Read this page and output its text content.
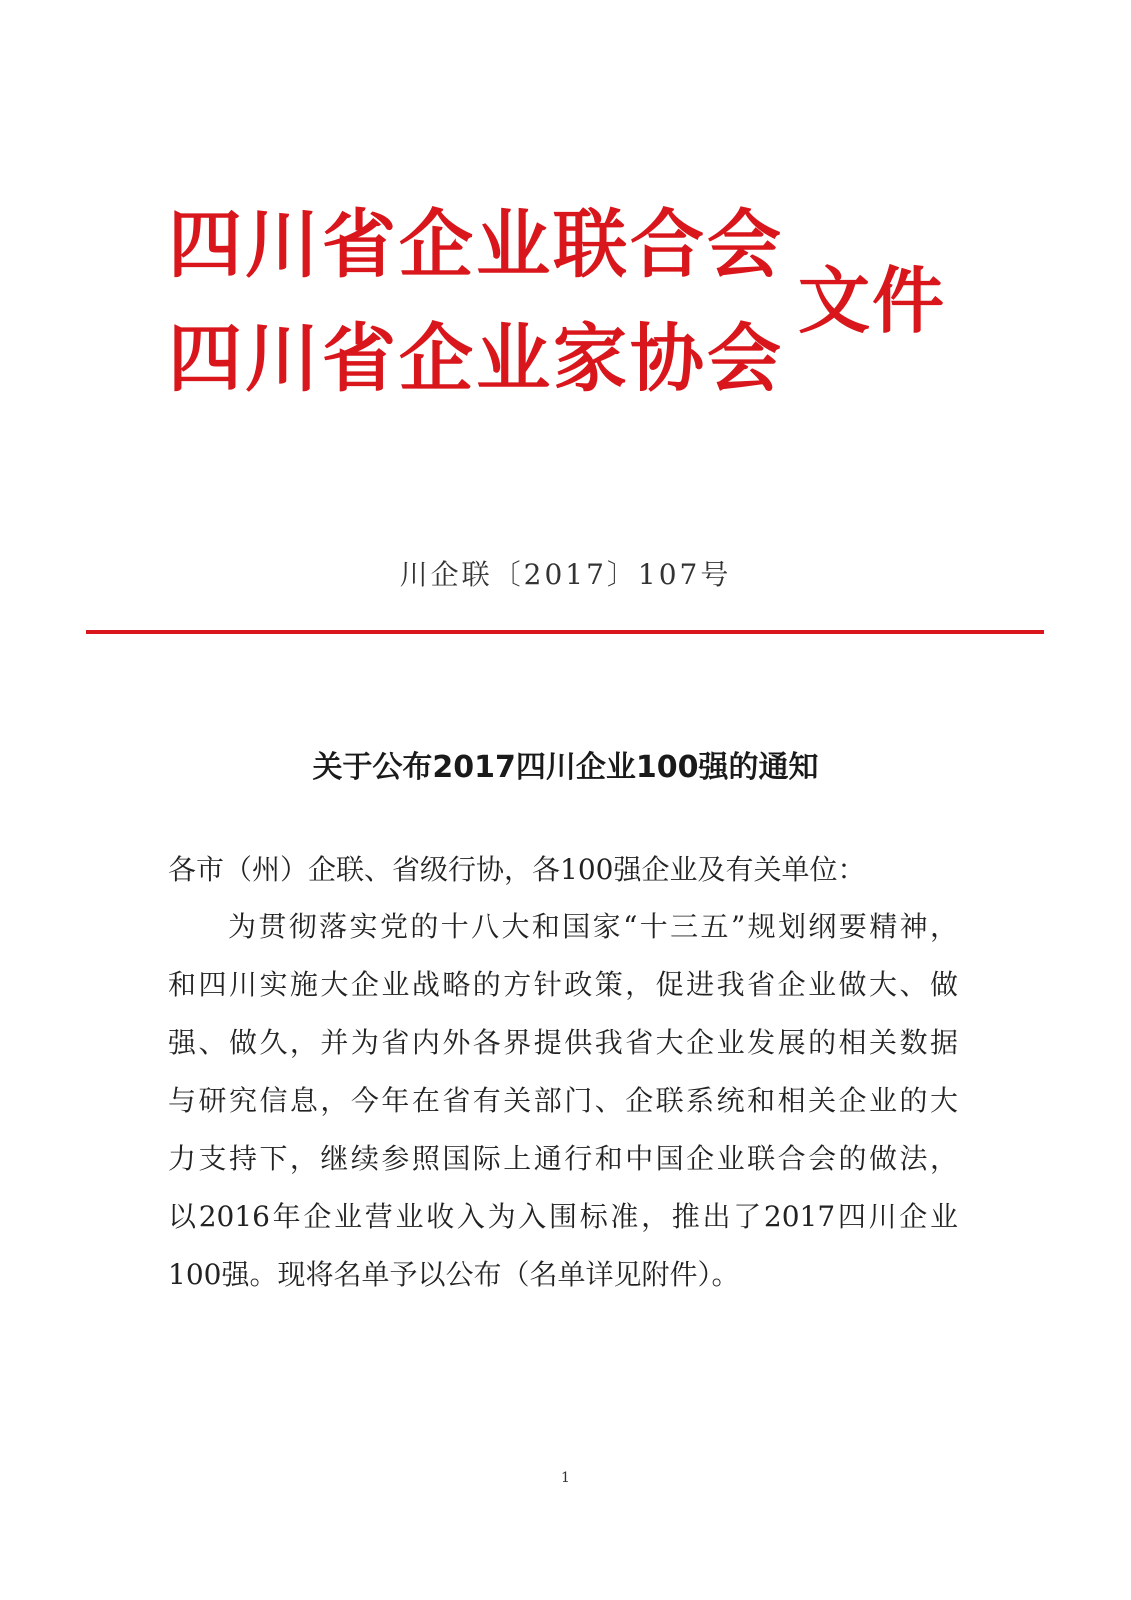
四川省企业联合会
四川省企业家协会
文件
川企联〔2017〕107号
关于公布2017四川企业100强的通知
各市（州）企联、省级行协，各100强企业及有关单位：
为贯彻落实党的十八大和国家“十三五”规划纲要精神，
和四川实施大企业战略的方针政策，促进我省企业做大、做
强、做久，并为省内外各界提供我省大企业发展的相关数据
与研究信息，今年在省有关部门、企联系统和相关企业的大
力支持下，继续参照国际上通行和中国企业联合会的做法，
以2016年企业营业收入为入围标准，推出了2017四川企业
100强。现将名单予以公布（名单详见附件）。
1
